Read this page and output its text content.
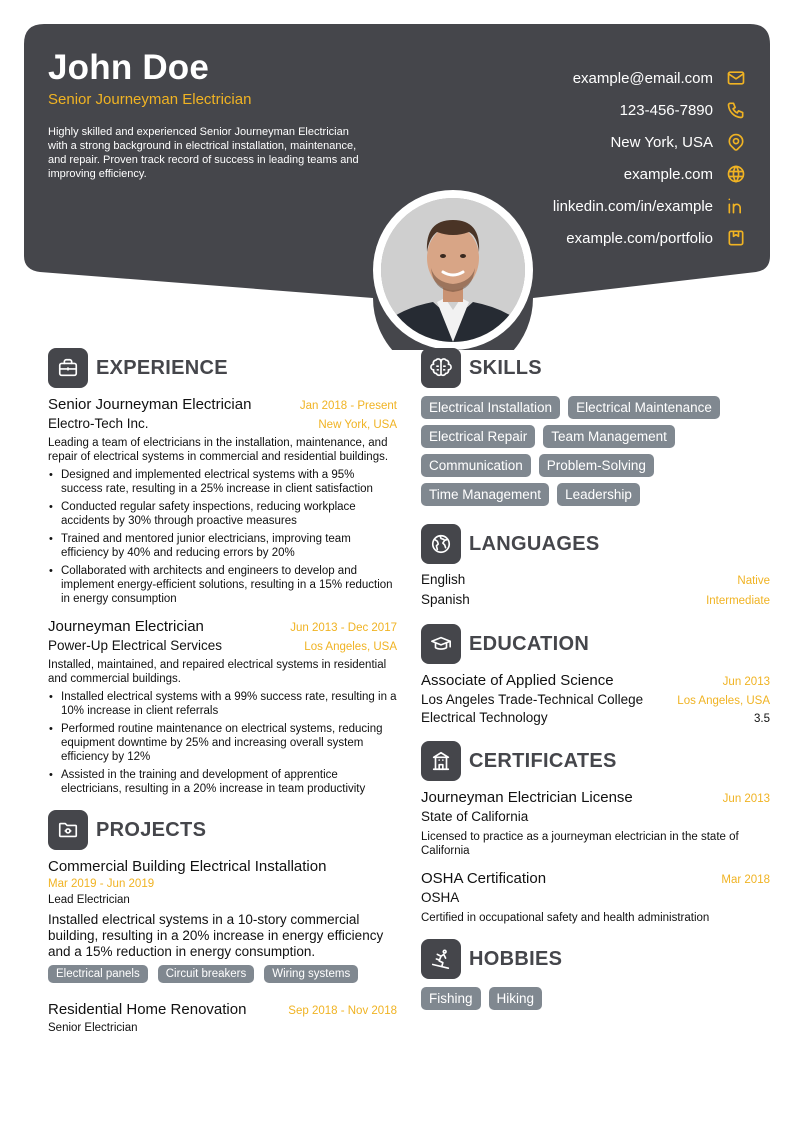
John Doe
Senior Journeyman Electrician
Highly skilled and experienced Senior Journeyman Electrician with a strong background in electrical installation, maintenance, and repair. Proven track record of success in leading teams and improving efficiency.
example@email.com
123-456-7890
New York, USA
example.com
linkedin.com/in/example
example.com/portfolio
EXPERIENCE
Senior Journeyman Electrician	Jan 2018 - Present
Electro-Tech Inc.	New York, USA
Leading a team of electricians in the installation, maintenance, and repair of electrical systems in commercial and residential buildings.
• Designed and implemented electrical systems with a 95% success rate, resulting in a 25% increase in client satisfaction
• Conducted regular safety inspections, reducing workplace accidents by 30% through proactive measures
• Trained and mentored junior electricians, improving team efficiency by 40% and reducing errors by 20%
• Collaborated with architects and engineers to develop and implement energy-efficient solutions, resulting in a 15% reduction in energy consumption
Journeyman Electrician	Jun 2013 - Dec 2017
Power-Up Electrical Services	Los Angeles, USA
Installed, maintained, and repaired electrical systems in residential and commercial buildings.
• Installed electrical systems with a 99% success rate, resulting in a 10% increase in client referrals
• Performed routine maintenance on electrical systems, reducing equipment downtime by 25% and increasing overall system efficiency by 12%
• Assisted in the training and development of apprentice electricians, resulting in a 20% increase in team productivity
PROJECTS
Commercial Building Electrical Installation
Mar 2019 - Jun 2019
Lead Electrician
Installed electrical systems in a 10-story commercial building, resulting in a 20% increase in energy efficiency and a 15% reduction in energy consumption.
Electrical panels	Circuit breakers	Wiring systems
Residential Home Renovation	Sep 2018 - Nov 2018
Senior Electrician
SKILLS
Electrical Installation	Electrical Maintenance
Electrical Repair	Team Management
Communication	Problem-Solving
Time Management	Leadership
LANGUAGES
English	Native
Spanish	Intermediate
EDUCATION
Associate of Applied Science	Jun 2013
Los Angeles Trade-Technical College	Los Angeles, USA
Electrical Technology	3.5
CERTIFICATES
Journeyman Electrician License	Jun 2013
State of California
Licensed to practice as a journeyman electrician in the state of California
OSHA Certification	Mar 2018
OSHA
Certified in occupational safety and health administration
HOBBIES
Fishing	Hiking
